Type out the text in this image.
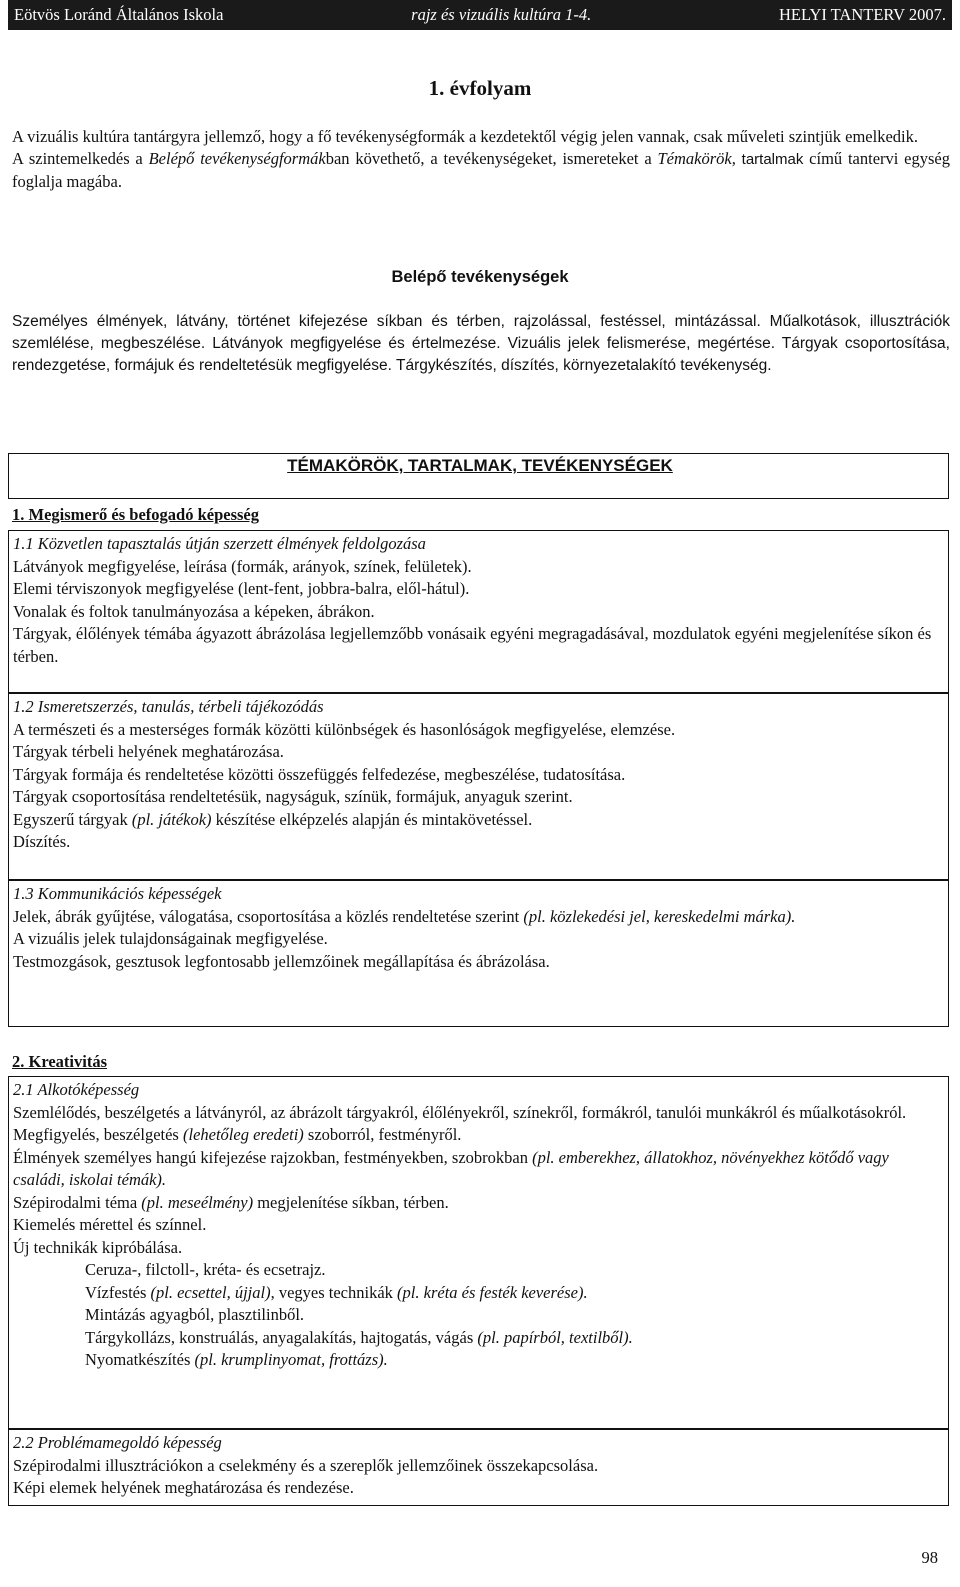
Eötvös Loránd Általános Iskola	rajz és vizuális kultúra 1-4.	HELYI TANTERV 2007.
1. évfolyam

A vizuális kultúra tantárgyra jellemző, hogy a fő tevékenységformák a kezdetektől végig jelen vannak, csak műveleti szintjük emelkedik.

A szintemelkedés a Belépő tevékenységformákban követhető, a tevékenységeket, ismereteket a Témakörök, tartalmak című tantervi egység foglalja magába.

Belépő tevékenységek
Személyes élmények, látvány, történet kifejezése síkban és térben, rajzolással, festéssel, mintázással. Műalkotások, illusztrációk szemlélése, megbeszélése. Látványok megfigyelése és értelmezése. Vizuális jelek felismerése, megértése. Tárgyak csoportosítása, rendezgetése, formájuk és rendeltetésük megfigyelése. Tárgykészítés, díszítés, környezetalakító tevékenység.
TÉMAKÖRÖK, TARTALMAK, TEVÉKENYSÉGEK
1. Megismerő és befogadó képesség

1.1 Közvetlen tapasztalás útján szerzett élmények feldolgozása

Látványok megfigyelése, leírása (formák, arányok, színek, felületek).

Elemi térviszonyok megfigyelése (lent-fent, jobbra-balra, elől-hátul).

Vonalak és foltok tanulmányozása a képeken, ábrákon.

Tárgyak, élőlények témába ágyazott ábrázolása legjellemzőbb vonásaik egyéni megragadásával, mozdulatok egyéni megjelenítése síkon és térben.

1.2 Ismeretszerzés, tanulás, térbeli tájékozódás

A természeti és a mesterséges formák közötti különbségek és hasonlóságok megfigyelése, elemzése.

Tárgyak térbeli helyének meghatározása.

Tárgyak formája és rendeltetése közötti összefüggés felfedezése, megbeszélése, tudatosítása.

Tárgyak csoportosítása rendeltetésük, nagyságuk, színük, formájuk, anyaguk szerint.

Egyszerű tárgyak (pl. játékok) készítése elképzelés alapján és mintakövetéssel.

Díszítés.

1.3 Kommunikációs képességek

Jelek, ábrák gyűjtése, válogatása, csoportosítása a közlés rendeltetése szerint (pl. közlekedési jel, kereskedelmi márka).

A vizuális jelek tulajdonságainak megfigyelése.

Testmozgások, gesztusok legfontosabb jellemzőinek megállapítása és ábrázolása.

2. Kreativitás

2.1 Alkotóképesség

Szemlélődés, beszélgetés a látványról, az ábrázolt tárgyakról, élőlényekről, színekről, formákról, tanulói munkákról és műalkotásokról.

Megfigyelés, beszélgetés (lehetőleg eredeti) szoborról, festményről.

Élmények személyes hangú kifejezése rajzokban, festményekben, szobrokban (pl. emberekhez, állatokhoz, növényekhez kötődő vagy családi, iskolai témák).

Szépirodalmi téma (pl. meseélmény) megjelenítése síkban, térben.

Kiemelés mérettel és színnel.

Új technikák kipróbálása.

Ceruza-, filctoll-, kréta- és ecsetrajz.

Vízfestés (pl. ecsettel, újjal), vegyes technikák (pl. kréta és festék keverése).

Mintázás agyagból, plasztilinből.

Tárgykollázs, konstruálás, anyagalakítás, hajtogatás, vágás (pl. papírból, textilből).

Nyomatkészítés (pl. krumplinyomat, frottázs).

2.2 Problémamegoldó képesség

Szépirodalmi illusztrációkon a cselekmény és a szereplők jellemzőinek összekapcsolása.

Képi elemek helyének meghatározása és rendezése.

98
